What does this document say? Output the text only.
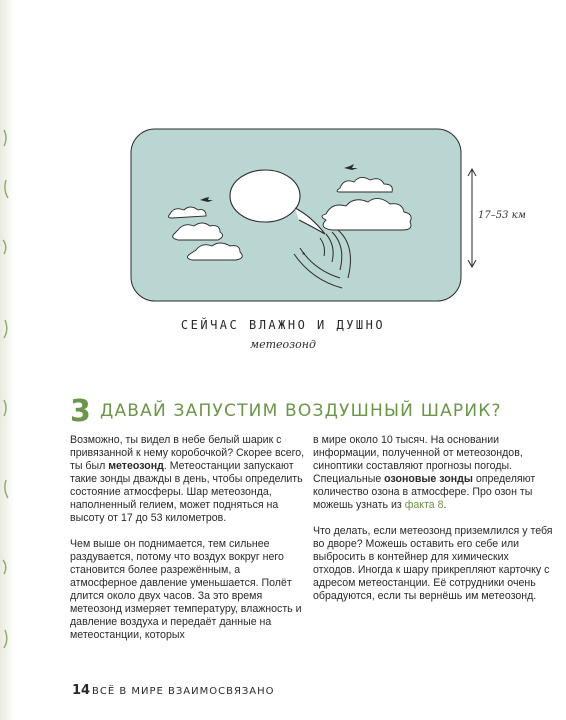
*
17–53 км
СЕЙЧАС ВЛАЖНО И ДУШНО
метеозонд
3 ДАВАЙ ЗАПУСТИМ ВОЗДУШНЫЙ ШАРИК?

Возможно, ты видел в небе белый шарик с привязанной к нему коробочкой? Скорее всего, ты был метеозонд. Метеостанции запускают такие зонды дважды в день, чтобы определить состояние атмосферы. Шар метеозонда, наполненный гелием, может подняться на высоту от 17 до 53 километров.

Чем выше он поднимается, тем сильнее раздувается, потому что воздух вокруг него становится более разрежённым, а атмосферное давление уменьшается. Полёт длится около двух часов. За это время метеозонд измеряет температуру, влажность и давление воздуха и передаёт данные на метеостанции, которых

в мире около 10 тысяч. На основании информации, полученной от метеозондов, синоптики составляют прогнозы погоды. Специальные озоновые зонды определяют количество озона в атмосфере. Про озон ты можешь узнать из факта 8.

Что делать, если метеозонд приземлился у тебя во дворе? Можешь оставить его себе или выбросить в контейнер для химических отходов. Иногда к шару прикрепляют карточку с адресом метеостанции. Её сотрудники очень обрадуются, если ты вернёшь им метеозонд.

14 ВСЁ В МИРЕ ВЗАИМОСВЯЗАНО
